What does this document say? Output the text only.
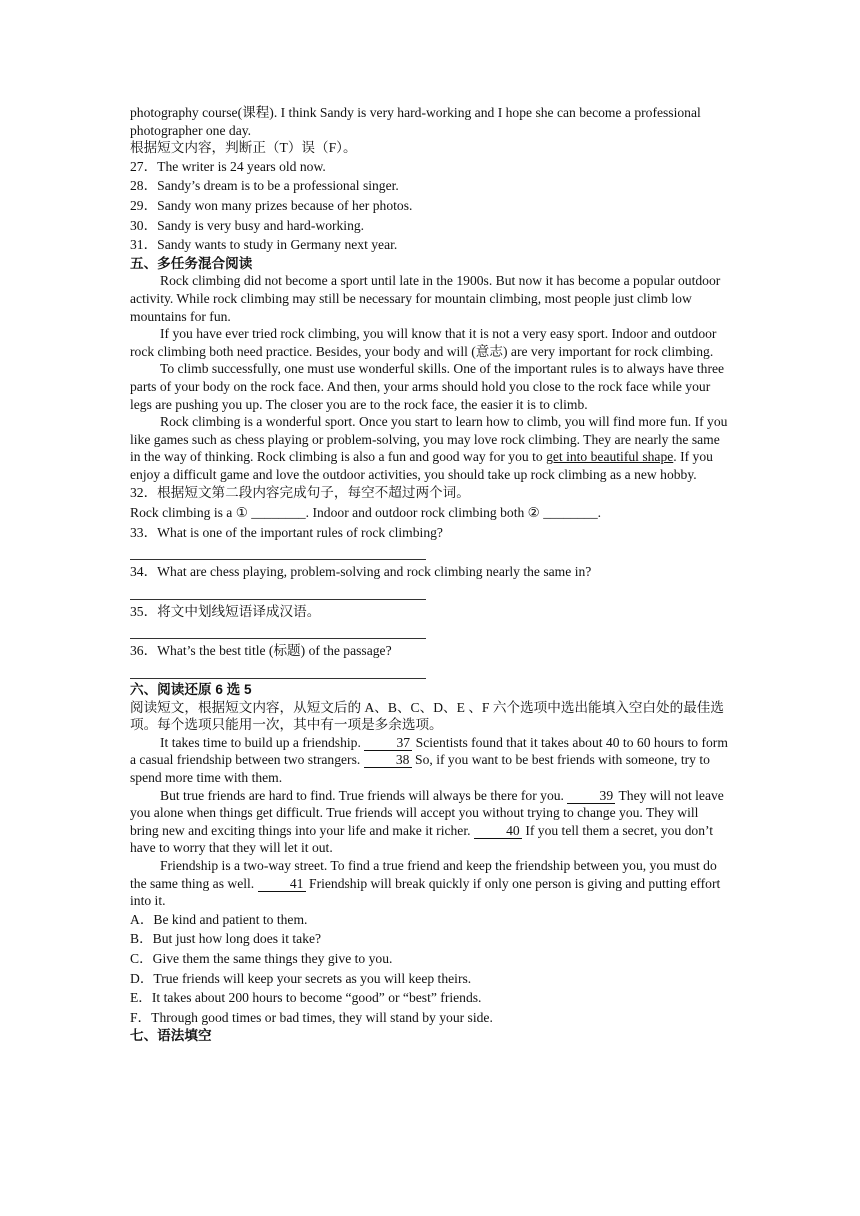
photography course(课程). I think Sandy is very hard-working and I hope she can become a professional photographer one day.

根据短文内容，判断正（T）误（F）。

27．The writer is 24 years old now.

28．Sandy’s dream is to be a professional singer.

29．Sandy won many prizes because of her photos.

30．Sandy is very busy and hard-working.

31．Sandy wants to study in Germany next year.

五、多任务混合阅读

Rock climbing did not become a sport until late in the 1900s. But now it has become a popular outdoor activity. While rock climbing may still be necessary for mountain climbing, most people just climb low mountains for fun.

If you have ever tried rock climbing, you will know that it is not a very easy sport. Indoor and outdoor rock climbing both need practice. Besides, your body and will (意志) are very important for rock climbing.

To climb successfully, one must use wonderful skills. One of the important rules is to always have three parts of your body on the rock face. And then, your arms should hold you close to the rock face while your legs are pushing you up. The closer you are to the rock face, the easier it is to climb.

Rock climbing is a wonderful sport. Once you start to learn how to climb, you will find more fun. If you like games such as chess playing or problem-solving, you may love rock climbing. They are nearly the same in the way of thinking. Rock climbing is also a fun and good way for you to get into beautiful shape. If you enjoy a difficult game and love the outdoor activities, you should take up rock climbing as a new hobby.

32．根据短文第二段内容完成句子，每空不超过两个词。

Rock climbing is a ① ________. Indoor and outdoor rock climbing both ② ________.

33．What is one of the important rules of rock climbing?

34．What are chess playing, problem-solving and rock climbing nearly the same in?

35．将文中划线短语译成汉语。

36．What’s the best title (标题) of the passage?

六、阅读还原 6 选 5

阅读短文，根据短文内容，从短文后的 A、B、C、D、E 、F 六个选项中选出能填入空白处的最佳选项。每个选项只能用一次，其中有一项是多余选项。

It takes time to build up a friendship. 37 Scientists found that it takes about 40 to 60 hours to form a casual friendship between two strangers. 38 So, if you want to be best friends with someone, try to spend more time with them.

But true friends are hard to find. True friends will always be there for you. 39 They will not leave you alone when things get difficult. True friends will accept you without trying to change you. They will bring new and exciting things into your life and make it richer. 40 If you tell them a secret, you don’t have to worry that they will let it out.

Friendship is a two-way street. To find a true friend and keep the friendship between you, you must do the same thing as well. 41 Friendship will break quickly if only one person is giving and putting effort into it.

A．Be kind and patient to them.

B．But just how long does it take?

C．Give them the same things they give to you.

D．True friends will keep your secrets as you will keep theirs.

E．It takes about 200 hours to become “good” or “best” friends.

F．Through good times or bad times, they will stand by your side.

七、语法填空
